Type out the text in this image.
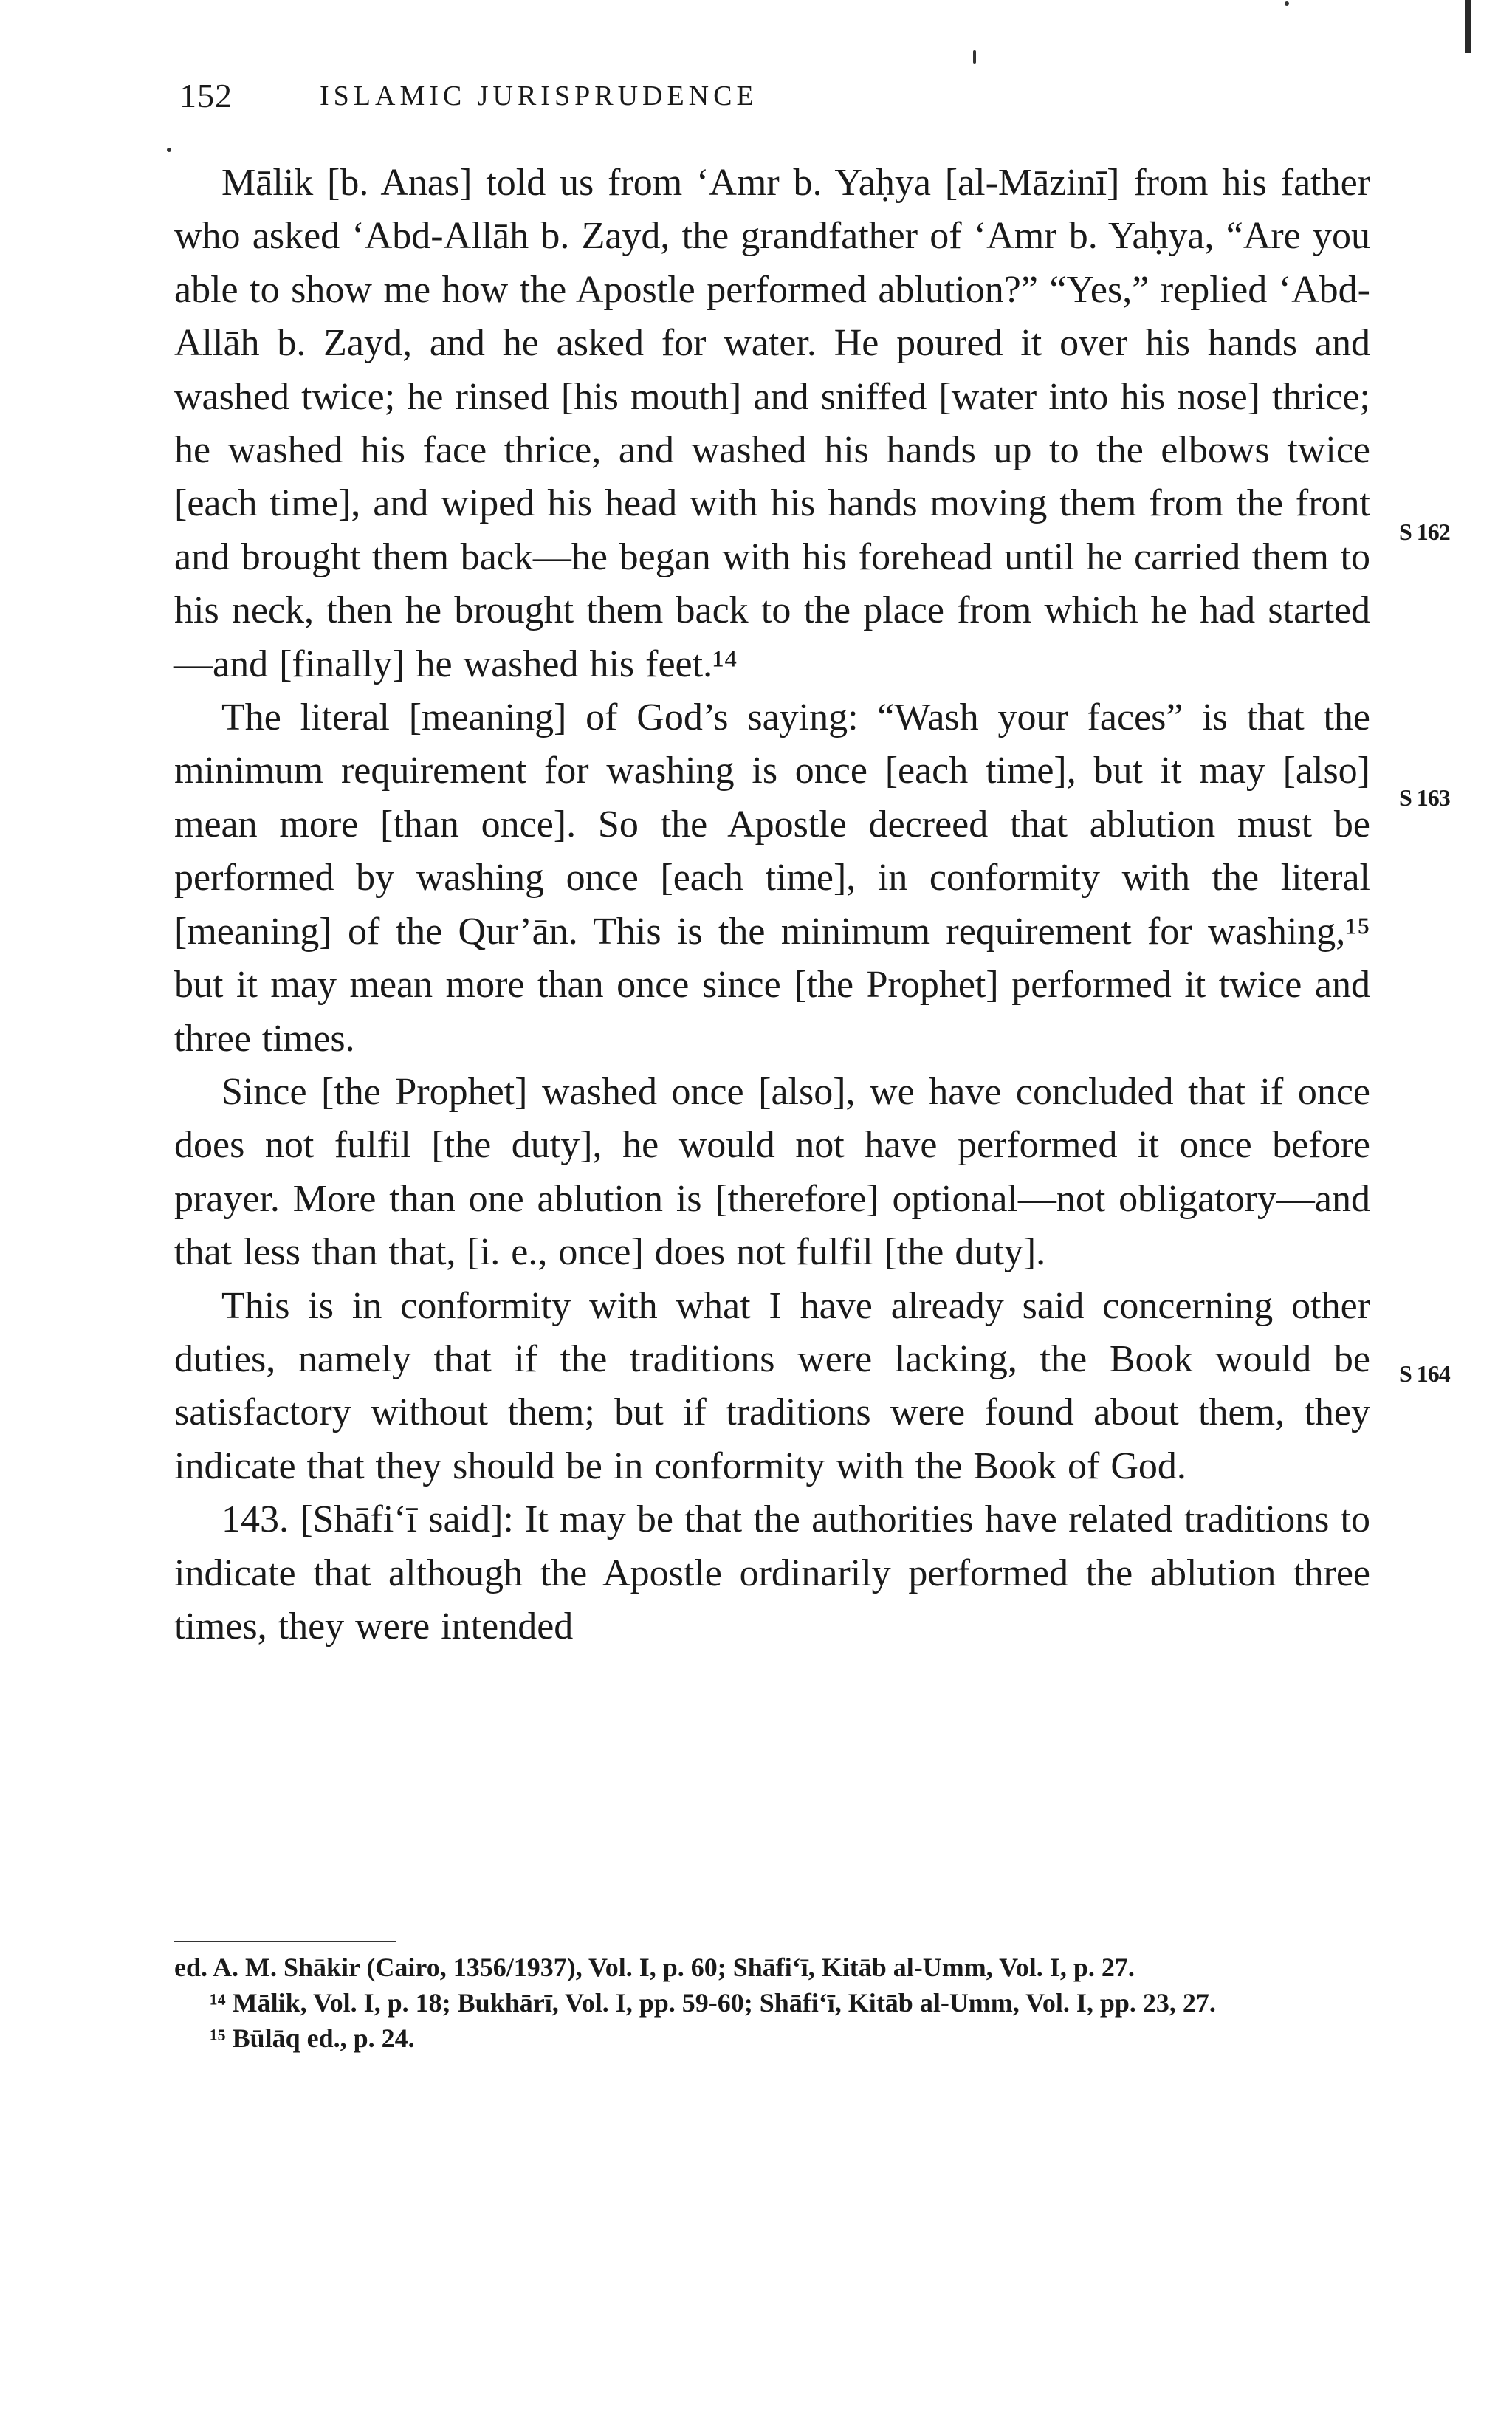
152	ISLAMIC JURISPRUDENCE

Mālik [b. Anas] told us from ‘Amr b. Yaḥya [al-Māzinī] from his father who asked ‘Abd-Allāh b. Zayd, the grandfather of ‘Amr b. Yaḥya, “Are you able to show me how the Apostle performed ablution?” “Yes,” replied ‘Abd-Allāh b. Zayd, and he asked for water. He poured it over his hands and washed twice; he rinsed [his mouth] and sniffed [water into his nose] thrice; he washed his face thrice, and washed his hands up to the elbows twice [each time], and wiped his head with his hands moving them from the front and brought them back—he began with his forehead until he carried them to his neck, then he brought them back to the place from which he had started—and [finally] he washed his feet.¹⁴

The literal [meaning] of God’s saying: “Wash your faces” is that the minimum requirement for washing is once [each time], but it may [also] mean more [than once]. So the Apostle decreed that ablution must be performed by washing once [each time], in conformity with the literal [meaning] of the Qur’ān. This is the minimum requirement for washing,¹⁵ but it may mean more than once since [the Prophet] performed it twice and three times.

Since [the Prophet] washed once [also], we have concluded that if once does not fulfil [the duty], he would not have performed it once before prayer. More than one ablution is [therefore] optional—not obligatory—and that less than that, [i. e., once] does not fulfil [the duty].

This is in conformity with what I have already said concerning other duties, namely that if the traditions were lacking, the Book would be satisfactory without them; but if traditions were found about them, they indicate that they should be in conformity with the Book of God.

143. [Shāfi‘ī said]: It may be that the authorities have related traditions to indicate that although the Apostle ordinarily performed the ablution three times, they were intended

S 162
S 163
S 164

ed. A. M. Shākir (Cairo, 1356/1937), Vol. I, p. 60; Shāfi‘ī, Kitāb al-Umm, Vol. I, p. 27.

¹⁴ Mālik, Vol. I, p. 18; Bukhārī, Vol. I, pp. 59-60; Shāfi‘ī, Kitāb al-Umm, Vol. I, pp. 23, 27.

¹⁵ Būlāq ed., p. 24.
